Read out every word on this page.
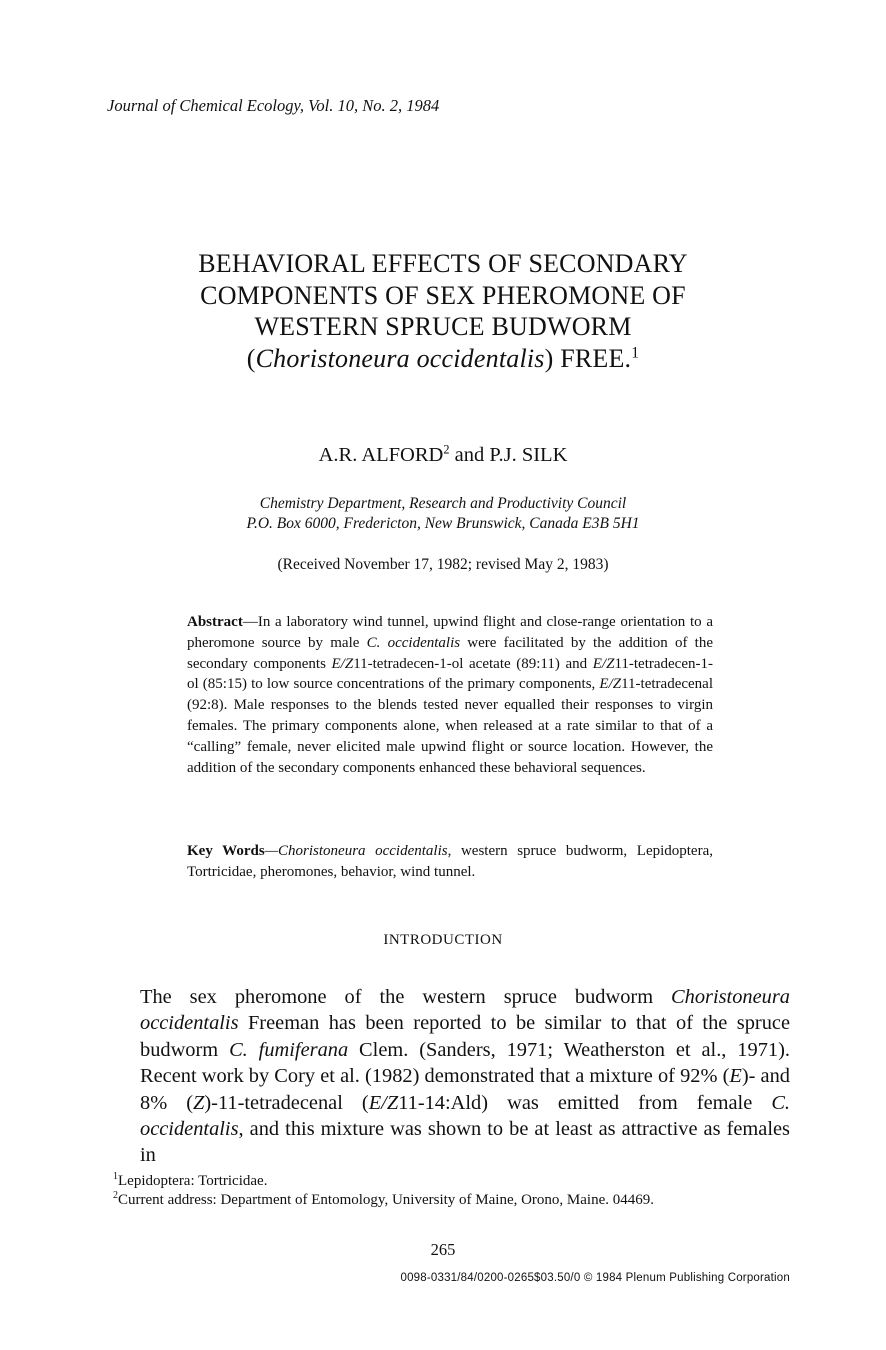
Journal of Chemical Ecology, Vol. 10, No. 2, 1984
BEHAVIORAL EFFECTS OF SECONDARY
COMPONENTS OF SEX PHEROMONE OF
WESTERN SPRUCE BUDWORM
(Choristoneura occidentalis) FREE.$^1$
A.R. ALFORD$^2$ and P.J. SILK
Chemistry Department, Research and Productivity Council
P.O. Box 6000, Fredericton, New Brunswick, Canada E3B 5H1
(Received November 17, 1982; revised May 2, 1983)
Abstract—In a laboratory wind tunnel, upwind flight and close-range orientation to a pheromone source by male C. occidentalis were facilitated by the addition of the secondary components E/Z11-tetradecen-1-ol acetate (89:11) and E/Z11-tetradecen-1-ol (85:15) to low source concentrations of the primary components, E/Z11-tetradecenal (92:8). Male responses to the blends tested never equalled their responses to virgin females. The primary components alone, when released at a rate similar to that of a “calling” female, never elicited male upwind flight or source location. However, the addition of the secondary components enhanced these behavioral sequences.
Key Words—Choristoneura occidentalis, western spruce budworm, Lepidoptera, Tortricidae, pheromones, behavior, wind tunnel.
INTRODUCTION

The sex pheromone of the western spruce budworm Choristoneura occidentalis Freeman has been reported to be similar to that of the spruce budworm C. fumiferana Clem. (Sanders, 1971; Weatherston et al., 1971). Recent work by Cory et al. (1982) demonstrated that a mixture of 92% (E)- and 8% (Z)-11-tetradecenal (E/Z11-14:Ald) was emitted from female C. occidentalis, and this mixture was shown to be at least as attractive as females in

$^1$Lepidoptera: Tortricidae.
$^2$Current address: Department of Entomology, University of Maine, Orono, Maine. 04469.
265
0098-0331/84/0200-0265$03.50/0 © 1984 Plenum Publishing Corporation
